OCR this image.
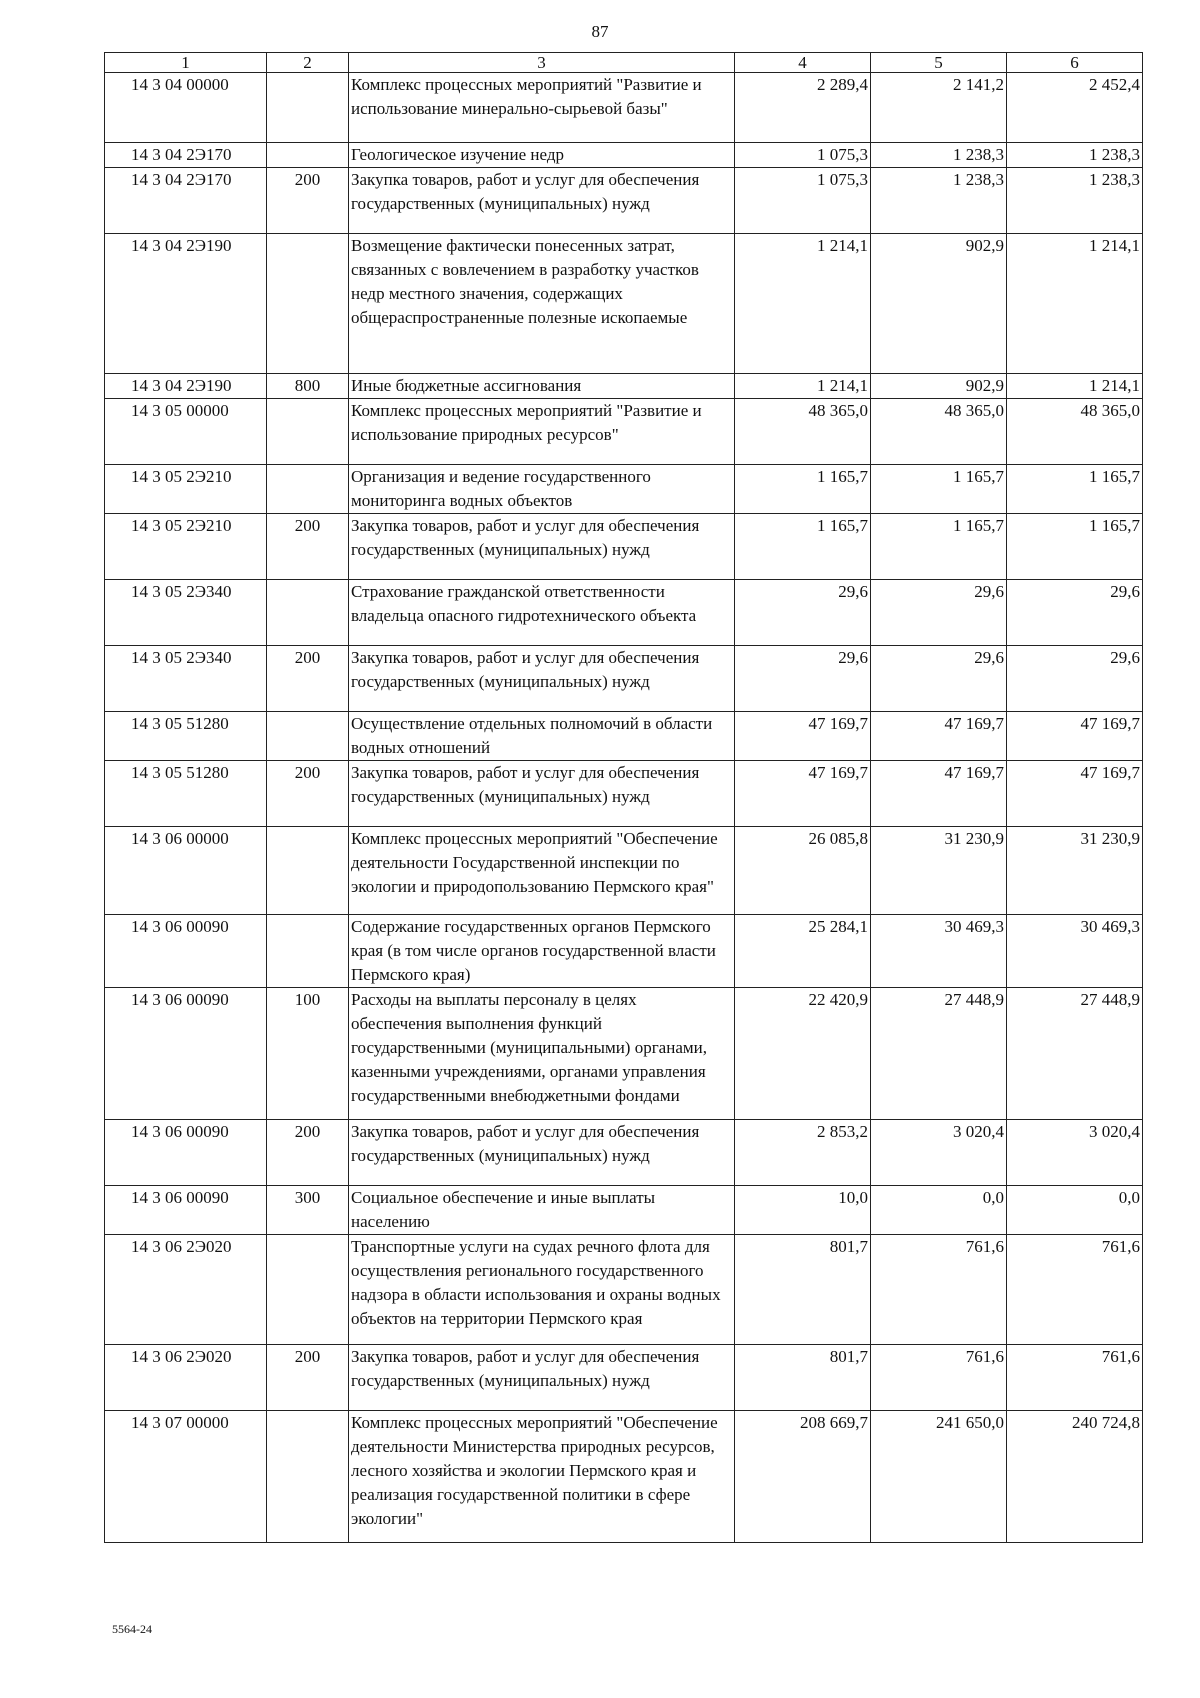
87
1	2	3	4	5	6
14 3 04 00000		Комплекс процессных мероприятий "Развитие и использование минерально-сырьевой базы"	2 289,4	2 141,2	2 452,4
14 3 04 2Э170		Геологическое изучение недр	1 075,3	1 238,3	1 238,3
14 3 04 2Э170	200	Закупка товаров, работ и услуг для обеспечения государственных (муниципальных) нужд	1 075,3	1 238,3	1 238,3
14 3 04 2Э190		Возмещение фактически понесенных затрат, связанных с вовлечением в разработку участков недр местного значения, содержащих общераспространенные полезные ископаемые	1 214,1	902,9	1 214,1
14 3 04 2Э190	800	Иные бюджетные ассигнования	1 214,1	902,9	1 214,1
14 3 05 00000		Комплекс процессных мероприятий "Развитие и использование природных ресурсов"	48 365,0	48 365,0	48 365,0
14 3 05 2Э210		Организация и ведение государственного мониторинга водных объектов	1 165,7	1 165,7	1 165,7
14 3 05 2Э210	200	Закупка товаров, работ и услуг для обеспечения государственных (муниципальных) нужд	1 165,7	1 165,7	1 165,7
14 3 05 2Э340		Страхование гражданской ответственности владельца опасного гидротехнического объекта	29,6	29,6	29,6
14 3 05 2Э340	200	Закупка товаров, работ и услуг для обеспечения государственных (муниципальных) нужд	29,6	29,6	29,6
14 3 05 51280		Осуществление отдельных полномочий в области водных отношений	47 169,7	47 169,7	47 169,7
14 3 05 51280	200	Закупка товаров, работ и услуг для обеспечения государственных (муниципальных) нужд	47 169,7	47 169,7	47 169,7
14 3 06 00000		Комплекс процессных мероприятий "Обеспечение деятельности Государственной инспекции по экологии и природопользованию Пермского края"	26 085,8	31 230,9	31 230,9
14 3 06 00090		Содержание государственных органов Пермского края (в том числе органов государственной власти Пермского края)	25 284,1	30 469,3	30 469,3
14 3 06 00090	100	Расходы на выплаты персоналу в целях обеспечения выполнения функций государственными (муниципальными) органами, казенными учреждениями, органами управления государственными внебюджетными фондами	22 420,9	27 448,9	27 448,9
14 3 06 00090	200	Закупка товаров, работ и услуг для обеспечения государственных (муниципальных) нужд	2 853,2	3 020,4	3 020,4
14 3 06 00090	300	Социальное обеспечение и иные выплаты населению	10,0	0,0	0,0
14 3 06 2Э020		Транспортные услуги на судах речного флота для осуществления регионального государственного надзора в области использования и охраны водных объектов на территории Пермского края	801,7	761,6	761,6
14 3 06 2Э020	200	Закупка товаров, работ и услуг для обеспечения государственных (муниципальных) нужд	801,7	761,6	761,6
14 3 07 00000		Комплекс процессных мероприятий "Обеспечение деятельности Министерства природных ресурсов, лесного хозяйства и экологии Пермского края и реализация государственной политики в сфере экологии"	208 669,7	241 650,0	240 724,8
5564-24
